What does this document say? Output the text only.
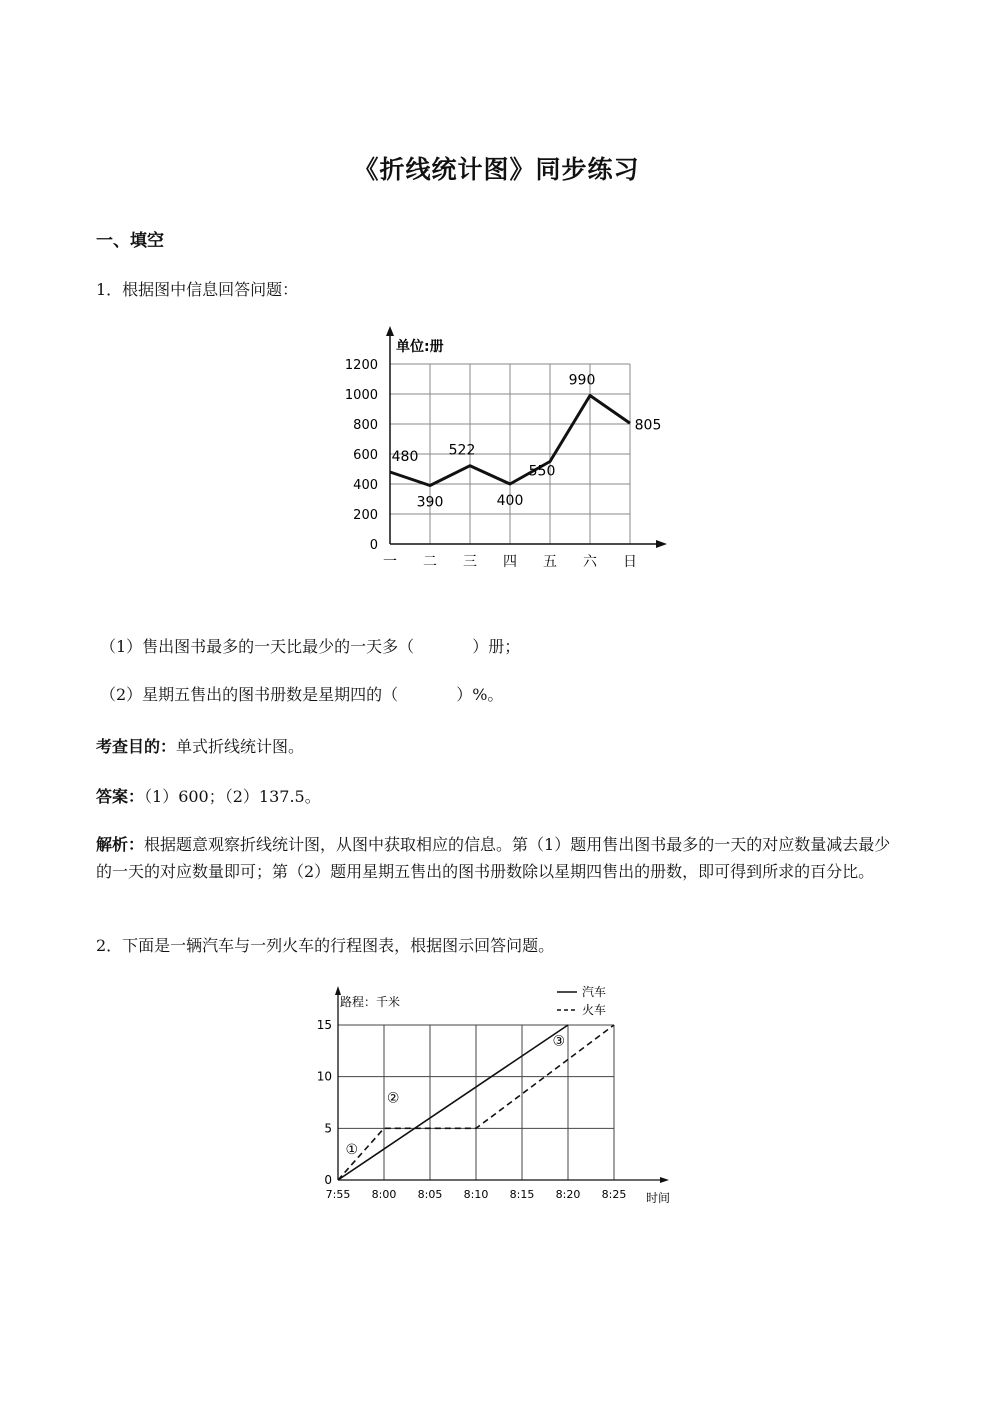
《折线统计图》同步练习
一、填空
1．根据图中信息回答问题：
单位:册
0
200
400
600
800
1000
1200
一 二 三 四 五 六 日
480
390
522
400
550
990
805
（1）售出图书最多的一天比最少的一天多（	）册；
（2）星期五售出的图书册数是星期四的（	）%。
考查目的：单式折线统计图。
答案：（1）600；（2）137.5。
解析：根据题意观察折线统计图，从图中获取相应的信息。第（1）题用售出图书最多的一天的对应数量减去最少的一天的对应数量即可；第（2）题用星期五售出的图书册数除以星期四售出的册数，即可得到所求的百分比。
2．下面是一辆汽车与一列火车的行程图表，根据图示回答问题。
路程：千米
时间
0
5
10
15
7:55 8:00 8:05 8:10 8:15 8:20 8:25
汽车
火车
①
②
③
